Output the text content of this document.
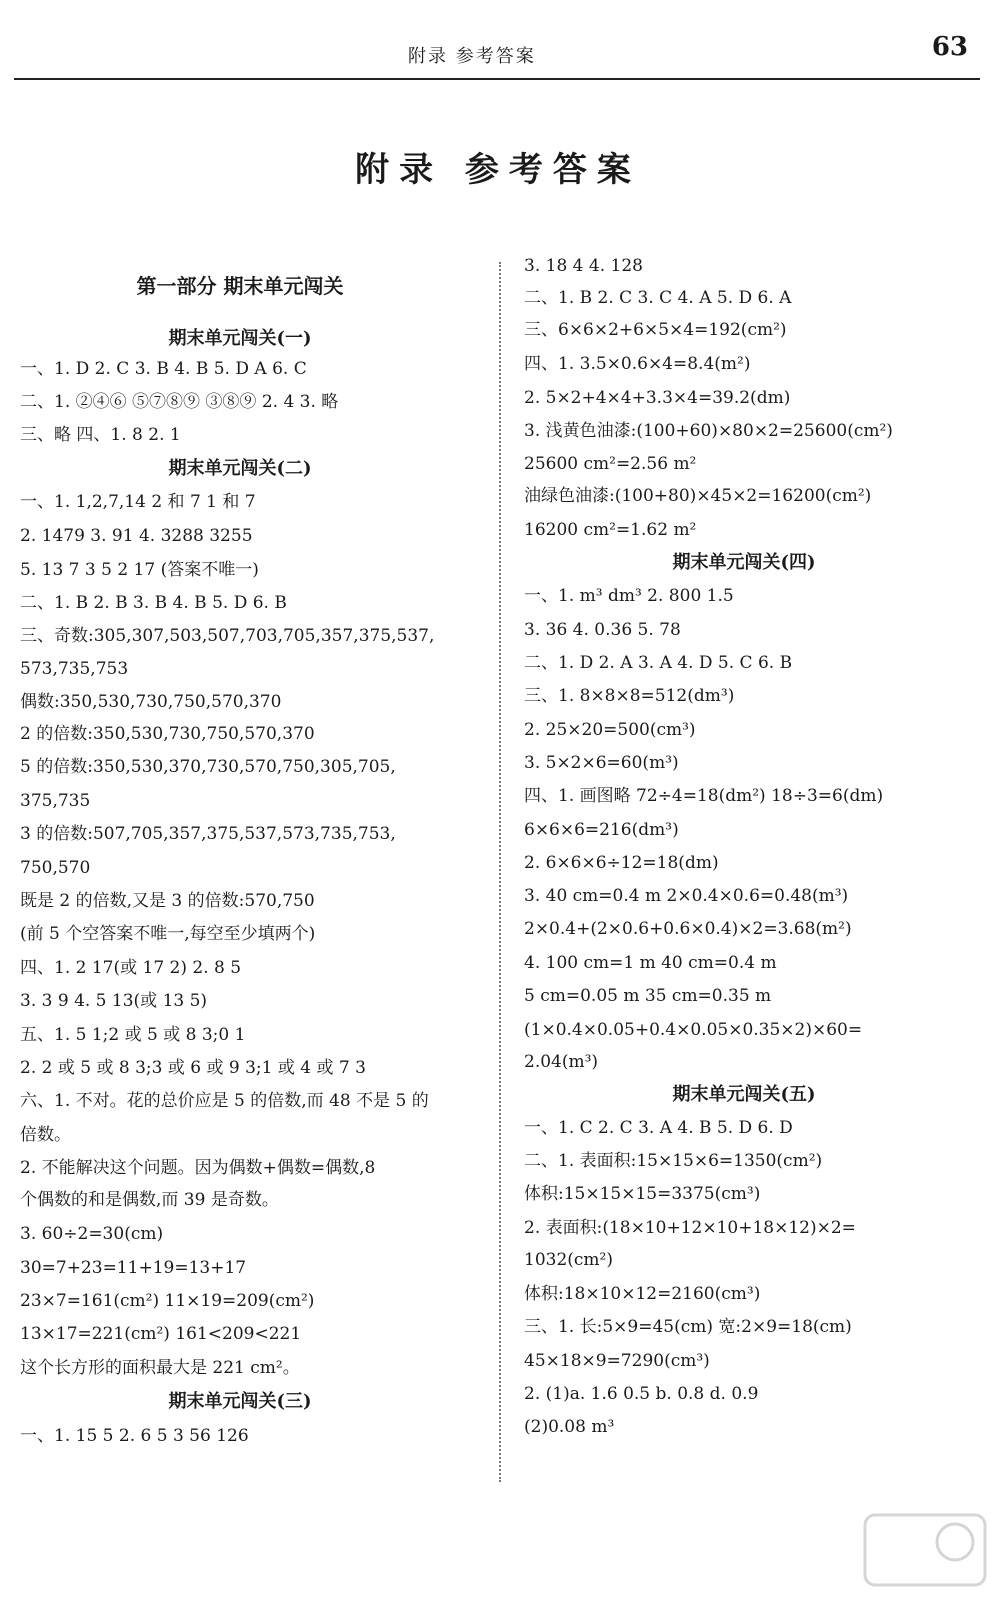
附录 参考答案	63
附录 参考答案
第一部分 期末单元闯关
期末单元闯关(一)
一、1. D 2. C 3. B 4. B 5. D A 6. C
二、1. ②④⑥ ⑤⑦⑧⑨ ③⑧⑨ 2. 4 3. 略
三、略 四、1. 8 2. 1
期末单元闯关(二)
一、1. 1,2,7,14 2 和 7 1 和 7
2. 1479 3. 91 4. 3288 3255
5. 13 7 3 5 2 17 (答案不唯一)
二、1. B 2. B 3. B 4. B 5. D 6. B
三、奇数:305,307,503,507,703,705,357,375,537,
573,735,753
偶数:350,530,730,750,570,370
2 的倍数:350,530,730,750,570,370
5 的倍数:350,530,370,730,570,750,305,705,
375,735
3 的倍数:507,705,357,375,537,573,735,753,
750,570
既是 2 的倍数,又是 3 的倍数:570,750
(前 5 个空答案不唯一,每空至少填两个)
四、1. 2 17(或 17 2) 2. 8 5
3. 3 9 4. 5 13(或 13 5)
五、1. 5 1;2 或 5 或 8 3;0 1
2. 2 或 5 或 8 3;3 或 6 或 9 3;1 或 4 或 7 3
六、1. 不对。花的总价应是 5 的倍数,而 48 不是 5 的
倍数。
2. 不能解决这个问题。因为偶数+偶数=偶数,8
个偶数的和是偶数,而 39 是奇数。
3. 60÷2=30(cm)
30=7+23=11+19=13+17
23×7=161(cm²) 11×19=209(cm²)
13×17=221(cm²) 161<209<221
这个长方形的面积最大是 221 cm²。
期末单元闯关(三)
一、1. 15 5 2. 6 5 3 56 126
3. 18 4 4. 128
二、1. B 2. C 3. C 4. A 5. D 6. A
三、6×6×2+6×5×4=192(cm²)
四、1. 3.5×0.6×4=8.4(m²)
2. 5×2+4×4+3.3×4=39.2(dm)
3. 浅黄色油漆:(100+60)×80×2=25600(cm²)
25600 cm²=2.56 m²
油绿色油漆:(100+80)×45×2=16200(cm²)
16200 cm²=1.62 m²
期末单元闯关(四)
一、1. m³ dm³ 2. 800 1.5
3. 36 4. 0.36 5. 78
二、1. D 2. A 3. A 4. D 5. C 6. B
三、1. 8×8×8=512(dm³)
2. 25×20=500(cm³)
3. 5×2×6=60(m³)
四、1. 画图略 72÷4=18(dm²) 18÷3=6(dm)
6×6×6=216(dm³)
2. 6×6×6÷12=18(dm)
3. 40 cm=0.4 m 2×0.4×0.6=0.48(m³)
2×0.4+(2×0.6+0.6×0.4)×2=3.68(m²)
4. 100 cm=1 m 40 cm=0.4 m
5 cm=0.05 m 35 cm=0.35 m
(1×0.4×0.05+0.4×0.05×0.35×2)×60=
2.04(m³)
期末单元闯关(五)
一、1. C 2. C 3. A 4. B 5. D 6. D
二、1. 表面积:15×15×6=1350(cm²)
体积:15×15×15=3375(cm³)
2. 表面积:(18×10+12×10+18×12)×2=
1032(cm²)
体积:18×10×12=2160(cm³)
三、1. 长:5×9=45(cm) 宽:2×9=18(cm)
45×18×9=7290(cm³)
2. (1)a. 1.6 0.5 b. 0.8 d. 0.9
(2)0.08 m³
